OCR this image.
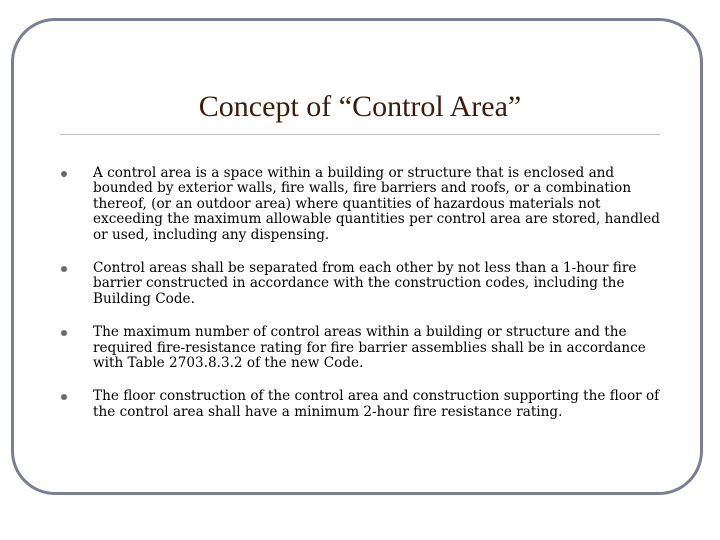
Concept of “Control Area”
A control area is a space within a building or structure that is enclosed and bounded by exterior walls, fire walls, fire barriers and roofs, or a combination thereof, (or an outdoor area) where quantities of hazardous materials not exceeding the maximum allowable quantities per control area are stored, handled or used, including any dispensing.
Control areas shall be separated from each other by not less than a 1-hour fire barrier constructed in accordance with the construction codes, including the Building Code.
The maximum number of control areas within a building or structure and the required fire-resistance rating for fire barrier assemblies shall be in accordance with Table 2703.8.3.2 of the new Code.
The floor construction of the control area and construction supporting the floor of the control area shall have a minimum 2-hour fire resistance rating.
